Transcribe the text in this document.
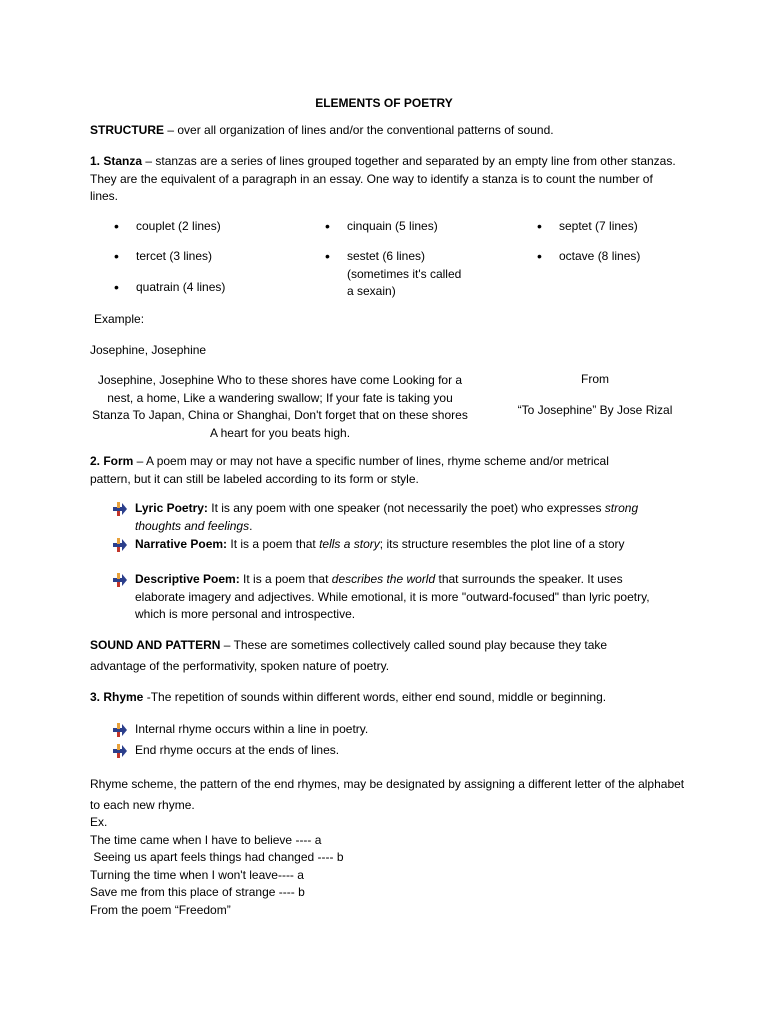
ELEMENTS OF POETRY
STRUCTURE – over all organization of lines and/or the conventional patterns of sound.
1. Stanza – stanzas are a series of lines grouped together and separated by an empty line from other stanzas. They are the equivalent of a paragraph in an essay. One way to identify a stanza is to count the number of lines.
•	couplet (2 lines)
•	tercet (3 lines)
•	quatrain (4 lines)
•	cinquain (5 lines)
•	sestet (6 lines) (sometimes it's called a sexain)
•	septet (7 lines)
•	octave (8 lines)
Example:
Josephine, Josephine
Josephine, Josephine Who to these shores have come Looking for a nest, a home, Like a wandering swallow; If your fate is taking you Stanza To Japan, China or Shanghai, Don't forget that on these shores A heart for you beats high.
From
“To Josephine” By Jose Rizal
2. Form – A poem may or may not have a specific number of lines, rhyme scheme and/or metrical pattern, but it can still be labeled according to its form or style.
Lyric Poetry: It is any poem with one speaker (not necessarily the poet) who expresses strong thoughts and feelings.
Narrative Poem: It is a poem that tells a story; its structure resembles the plot line of a story
Descriptive Poem: It is a poem that describes the world that surrounds the speaker. It uses elaborate imagery and adjectives. While emotional, it is more "outward-focused" than lyric poetry, which is more personal and introspective.
SOUND AND PATTERN – These are sometimes collectively called sound play because they take advantage of the performativity, spoken nature of poetry.
3. Rhyme -The repetition of sounds within different words, either end sound, middle or beginning.
Internal rhyme occurs within a line in poetry.
End rhyme occurs at the ends of lines.
Rhyme scheme, the pattern of the end rhymes, may be designated by assigning a different letter of the alphabet to each new rhyme.
Ex.
The time came when I have to believe ---- a
Seeing us apart feels things had changed ---- b
Turning the time when I won't leave---- a
Save me from this place of strange ---- b
From the poem “Freedom”
